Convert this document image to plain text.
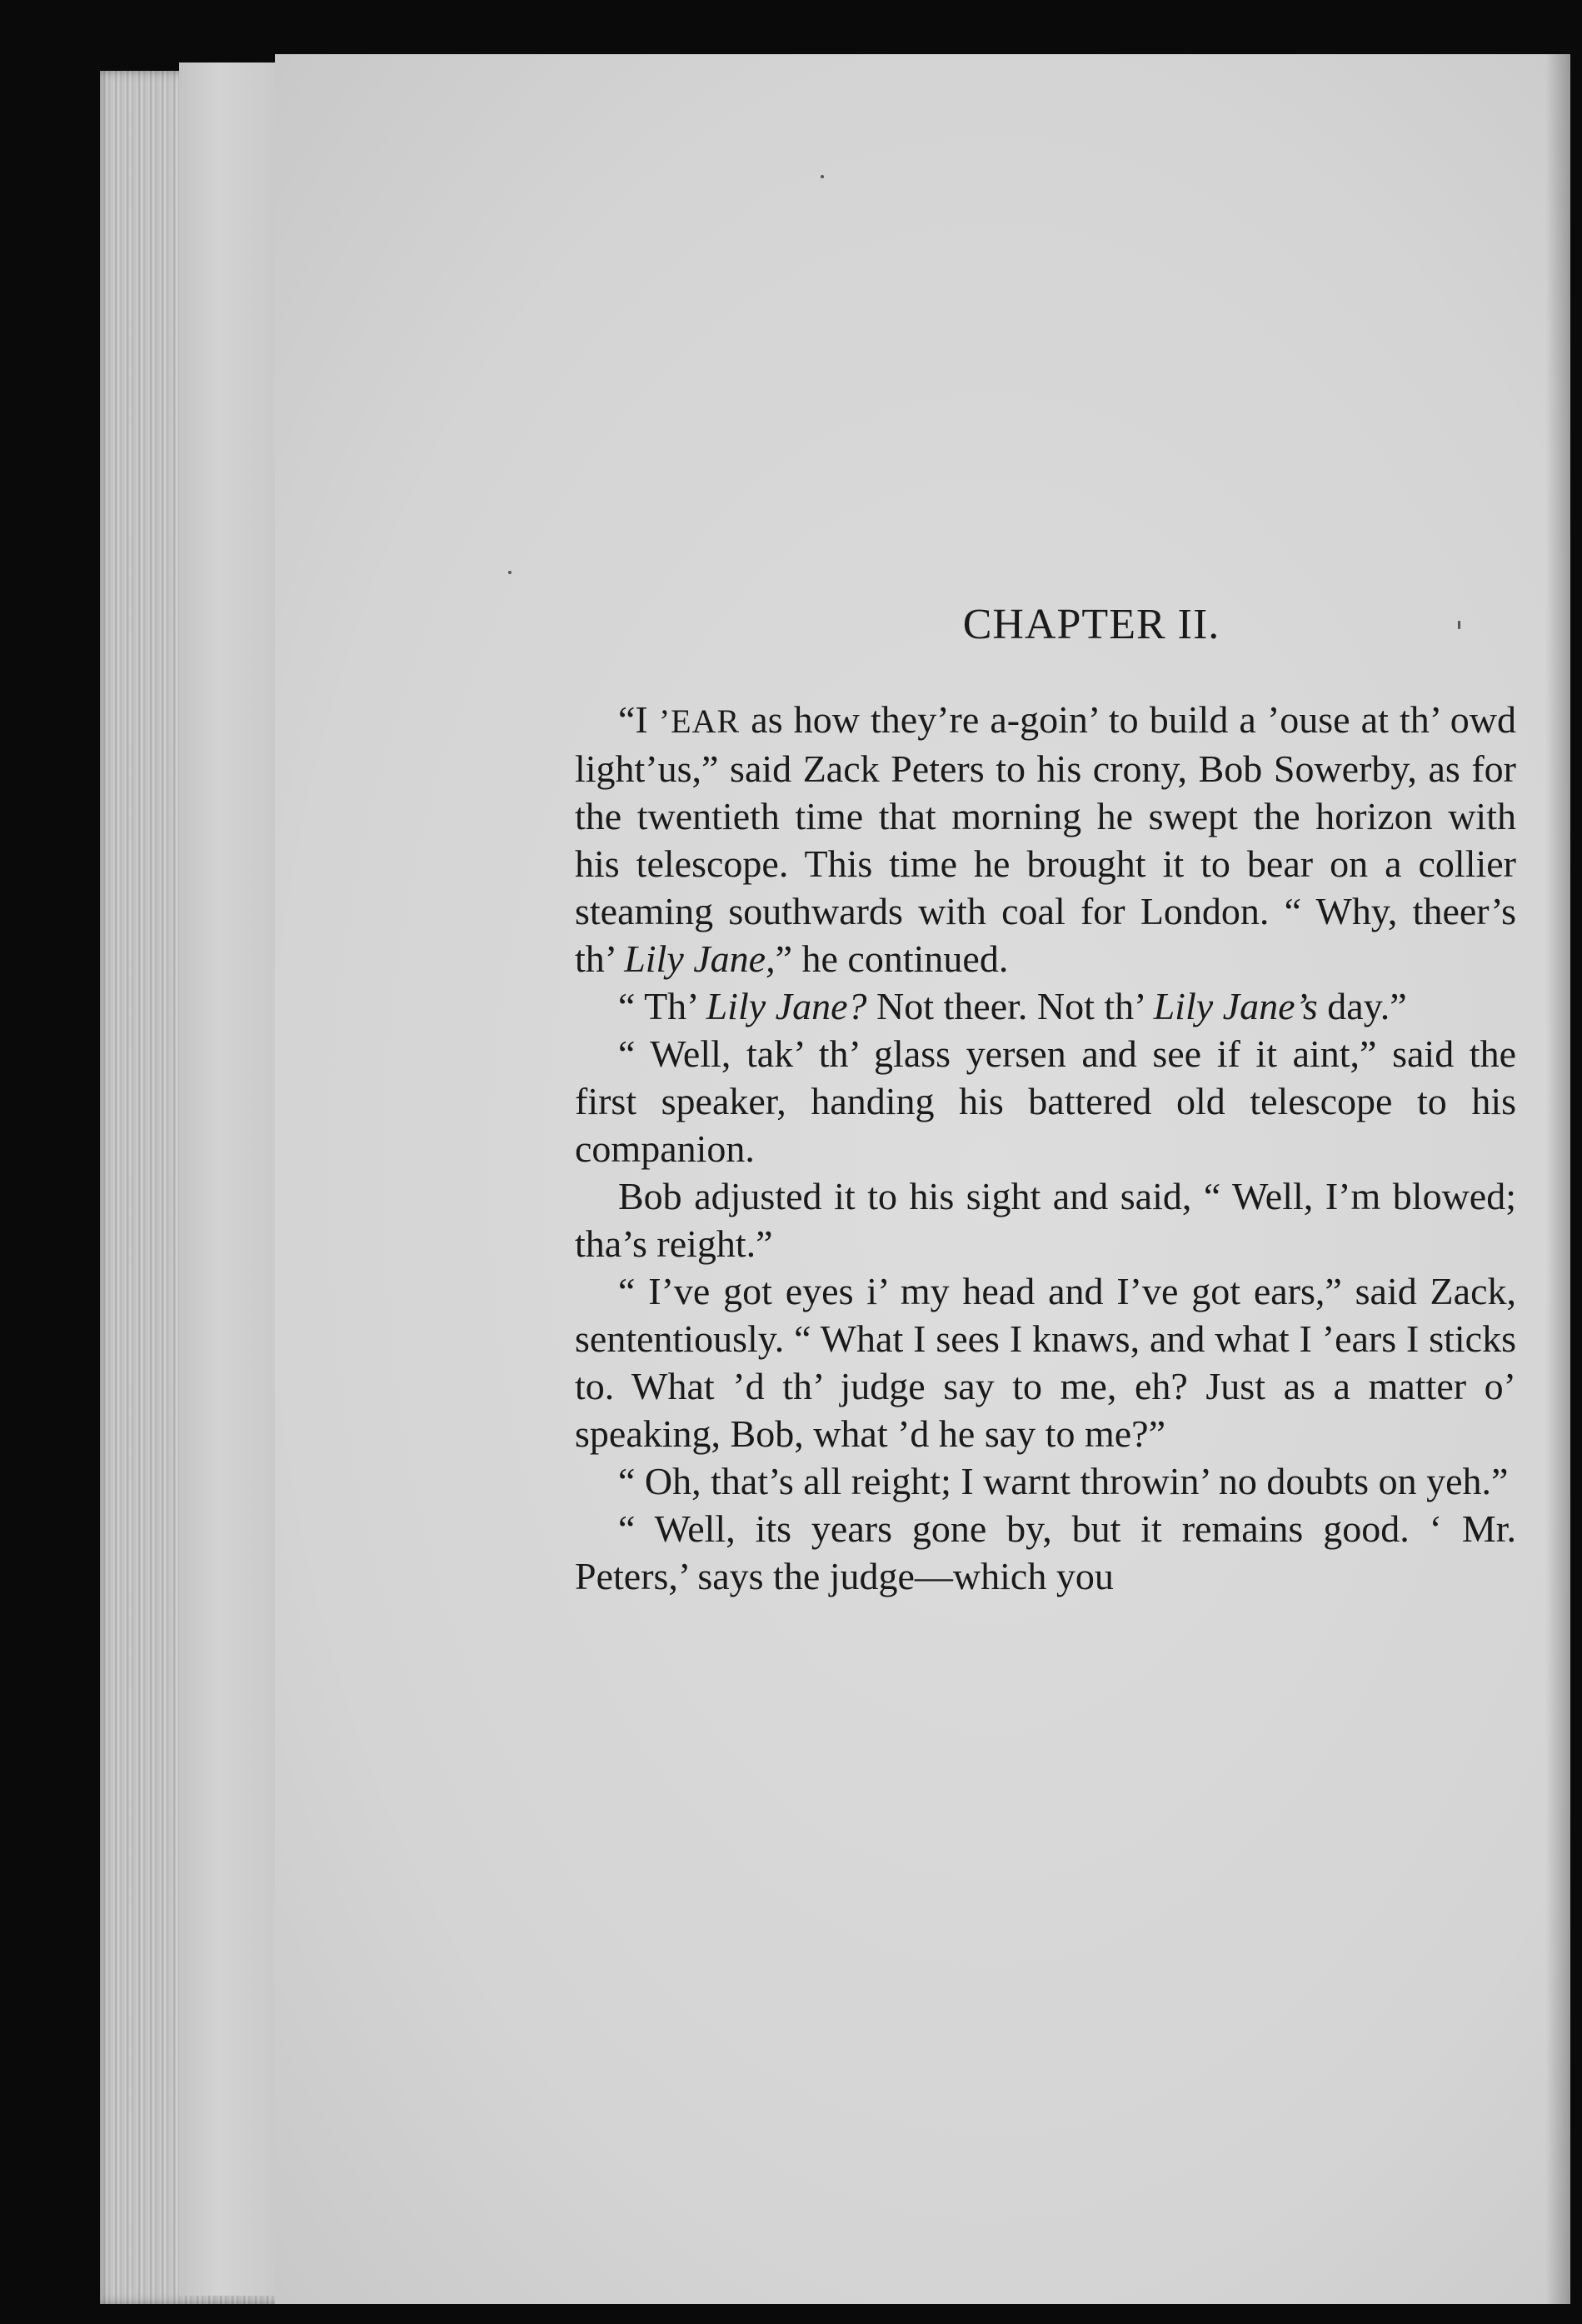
CHAPTER II.

“I ’EAR as how they’re a-goin’ to build a ’ouse at th’ owd light’us,” said Zack Peters to his crony, Bob Sowerby, as for the twentieth time that morning he swept the horizon with his telescope. This time he brought it to bear on a collier steaming southwards with coal for London. “ Why, theer’s th’ Lily Jane,” he continued.

“ Th’ Lily Jane? Not theer. Not th’ Lily Jane’s day.”

“ Well, tak’ th’ glass yersen and see if it aint,” said the first speaker, handing his battered old telescope to his companion.

Bob adjusted it to his sight and said, “ Well, I’m blowed; tha’s reight.”

“ I’ve got eyes i’ my head and I’ve got ears,” said Zack, sententiously. “ What I sees I knaws, and what I ’ears I sticks to. What ’d th’ judge say to me, eh? Just as a matter o’ speaking, Bob, what ’d he say to me?”

“ Oh, that’s all reight; I warnt throwin’ no doubts on yeh.”

“ Well, its years gone by, but it remains good. ‘ Mr. Peters,’ says the judge—which you
